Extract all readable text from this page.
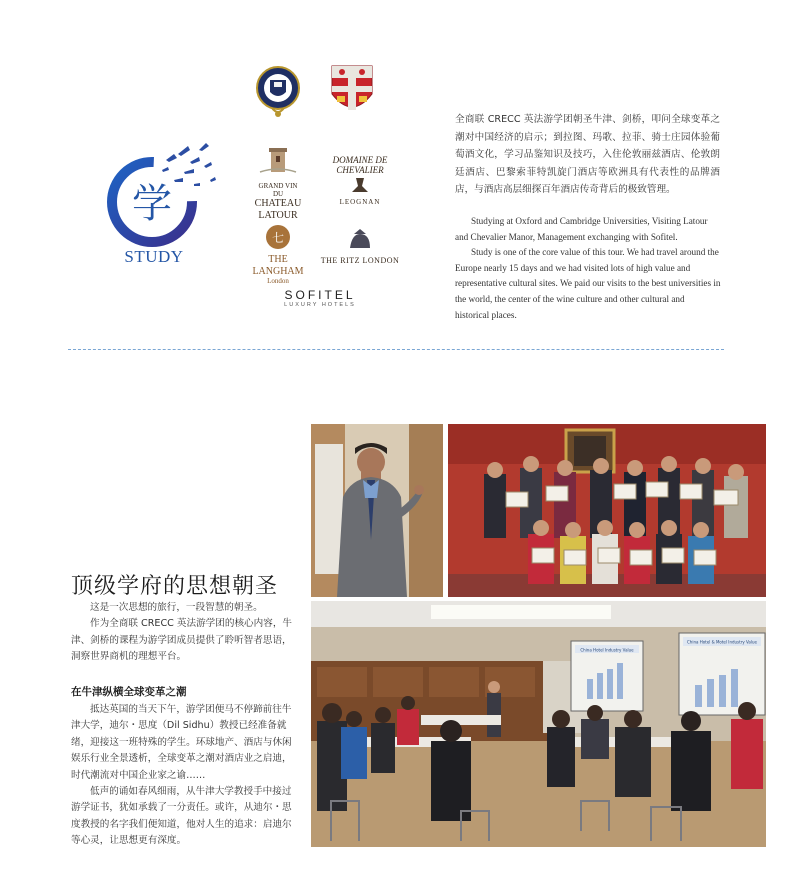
学
STUDY
GRAND VIN
DU
CHATEAU LATOUR
DOMAINE DE CHEVALIER
LEOGNAN
七
THE LANGHAM
London
THE RITZ LONDON
SOFITEL
LUXURY HOTELS
全商联 CRECC 英法游学团朝圣牛津、剑桥，叩问全球变革之潮对中国经济的启示；到拉图、玛歌、拉菲、骑士庄园体验葡萄酒文化，学习品鉴知识及技巧，入住伦敦丽兹酒店、伦敦朗廷酒店、巴黎索菲特凯旋门酒店等欧洲具有代表性的品牌酒店，与酒店高层细探百年酒店传奇背后的极致管理。

Studying at Oxford and Cambridge Universities, Visiting Latour and Chevalier Manor, Management exchanging with Sofitel.

Study is one of the core value of this tour. We had travel around the Europe nearly 15 days and we had visited lots of high value and representative cultural sites. We paid our visits to the best universities in the world, the center of the wine culture and other cultural and historical places.

China Hotel Industry Value
China Hotel & Motel Industry Value
顶级学府的思想朝圣

这是一次思想的旅行，一段智慧的朝圣。

作为全商联 CRECC 英法游学团的核心内容，牛津、剑桥的课程为游学团成员提供了聆听智者思语，洞察世界商机的理想平台。

在牛津纵横全球变革之潮

抵达英国的当天下午，游学团便马不停蹄前往牛津大学，迪尔・思度（Dil Sidhu）教授已经准备就绪，迎接这一班特殊的学生。环球地产、酒店与休闲娱乐行业全景透析，全球变革之潮对酒店业之启迪，时代潮流对中国企业家之谕……

低声的诵如春风细雨，从牛津大学教授手中接过游学证书，犹如承载了一分责任。或许，从迪尔・思度教授的名字我们便知道，他对人生的追求：启迪尔等心灵，让思想更有深度。
